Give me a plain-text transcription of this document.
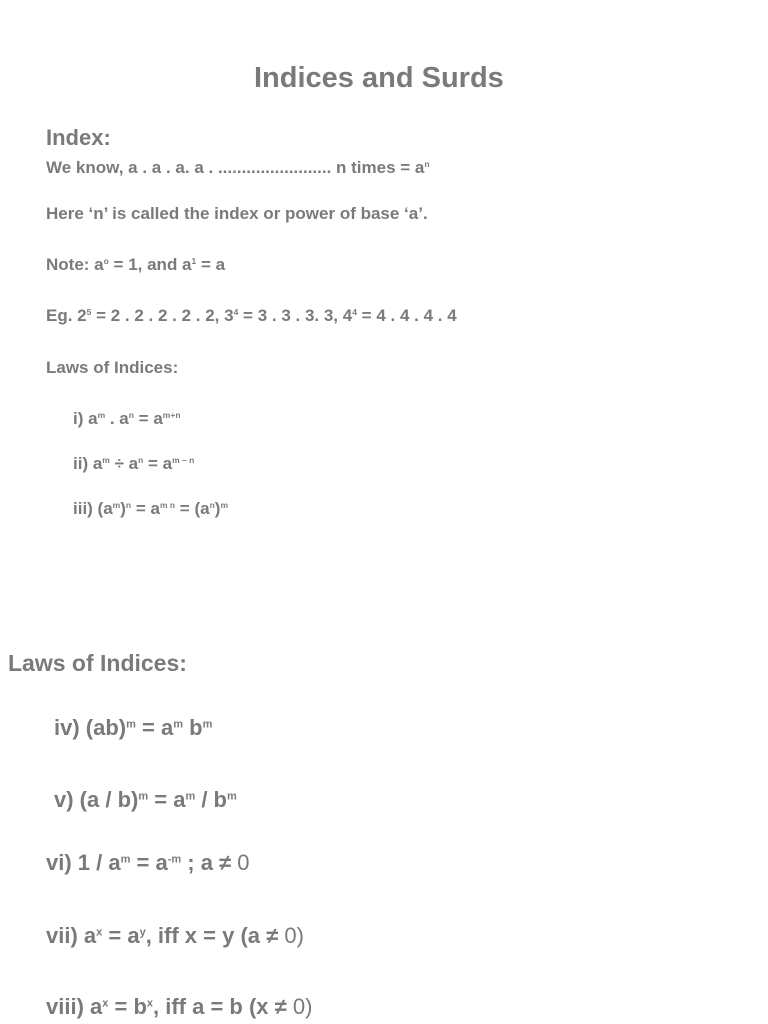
Indices and Surds
Index:
We know, a . a . a. a . ........................ n times = $a^n$
Here ‘n’ is called the index or power of base ‘a’.
Note: $a^o = 1$, and $a^1 = a$
Eg. $2^5 = 2$ . 2 . 2 . 2 . 2, $3^4 = 3$ . 3 . 3. 3, $4^4 = 4$ . 4 . 4 . 4
Laws of Indices:
i) $a^m$ . $a^n = a^{m+n}$
ii) $a^m \div a^n = a^{m - n}$
iii) $(a^m)^n = a^{m n} = (a^n)^m$
Laws of Indices:
iv) $(ab)^m = a^m$ $b^m$
v) $(a / b)^m = a^m / b^m$
vi) $1 / a^m = a^{-m}$ ; a ≠ 0
vii) $a^x = a^y$, iff x = y (a ≠ 0)
viii) $a^x = b^x$, iff a = b (x ≠ 0)
